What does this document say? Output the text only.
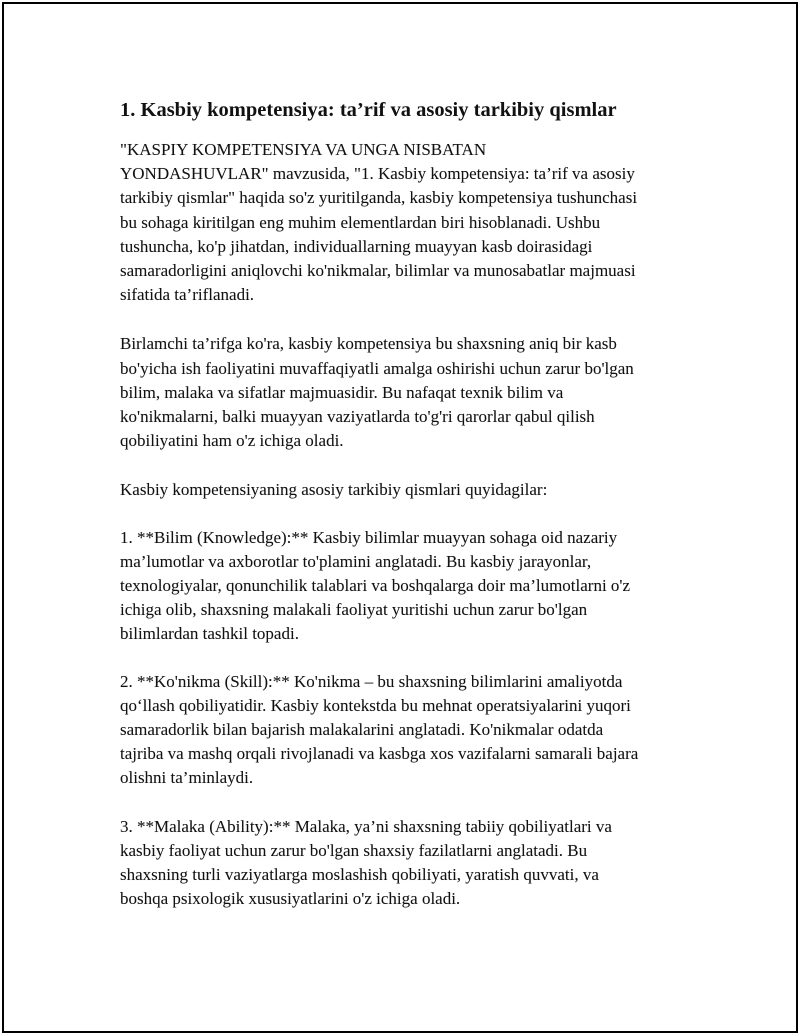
1. Kasbiy kompetensiya: ta’rif va asosiy tarkibiy qismlar

"KASPIY KOMPETENSIYA VA UNGA NISBATAN
YONDASHUVLAR" mavzusida, "1. Kasbiy kompetensiya: ta’rif va asosiy
tarkibiy qismlar" haqida so'z yuritilganda, kasbiy kompetensiya tushunchasi
bu sohaga kiritilgan eng muhim elementlardan biri hisoblanadi. Ushbu
tushuncha, ko'p jihatdan, individuallarning muayyan kasb doirasidagi
samaradorligini aniqlovchi ko'nikmalar, bilimlar va munosabatlar majmuasi
sifatida ta’riflanadi.

Birlamchi ta’rifga ko'ra, kasbiy kompetensiya bu shaxsning aniq bir kasb
bo'yicha ish faoliyatini muvaffaqiyatli amalga oshirishi uchun zarur bo'lgan
bilim, malaka va sifatlar majmuasidir. Bu nafaqat texnik bilim va
ko'nikmalarni, balki muayyan vaziyatlarda to'g'ri qarorlar qabul qilish
qobiliyatini ham o'z ichiga oladi.

Kasbiy kompetensiyaning asosiy tarkibiy qismlari quyidagilar:

1. **Bilim (Knowledge):** Kasbiy bilimlar muayyan sohaga oid nazariy
ma’lumotlar va axborotlar to'plamini anglatadi. Bu kasbiy jarayonlar,
texnologiyalar, qonunchilik talablari va boshqalarga doir ma’lumotlarni o'z
ichiga olib, shaxsning malakali faoliyat yuritishi uchun zarur bo'lgan
bilimlardan tashkil topadi.

2. **Ko'nikma (Skill):** Ko'nikma – bu shaxsning bilimlarini amaliyotda
qo‘llash qobiliyatidir. Kasbiy kontekstda bu mehnat operatsiyalarini yuqori
samaradorlik bilan bajarish malakalarini anglatadi. Ko'nikmalar odatda
tajriba va mashq orqali rivojlanadi va kasbga xos vazifalarni samarali bajara
olishni ta’minlaydi.

3. **Malaka (Ability):** Malaka, ya’ni shaxsning tabiiy qobiliyatlari va
kasbiy faoliyat uchun zarur bo'lgan shaxsiy fazilatlarni anglatadi. Bu
shaxsning turli vaziyatlarga moslashish qobiliyati, yaratish quvvati, va
boshqa psixologik xususiyatlarini o'z ichiga oladi.
